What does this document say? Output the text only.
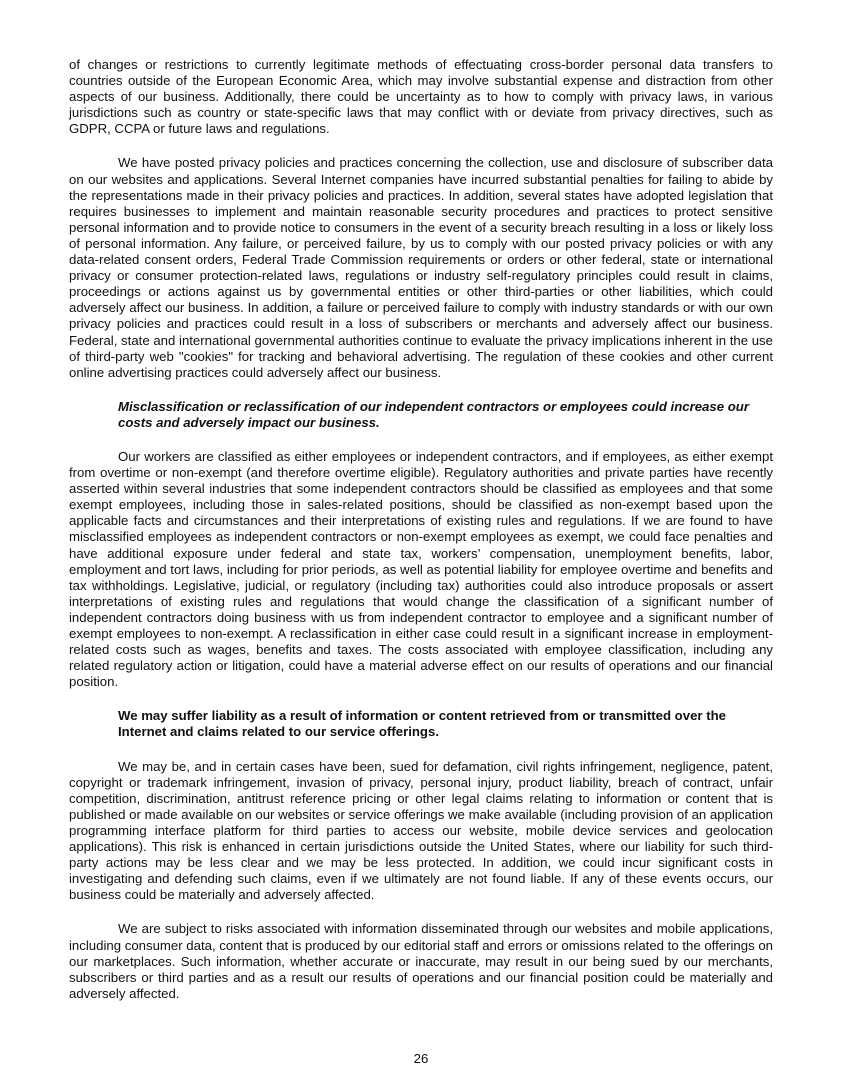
of changes or restrictions to currently legitimate methods of effectuating cross-border personal data transfers to countries outside of the European Economic Area, which may involve substantial expense and distraction from other aspects of our business. Additionally, there could be uncertainty as to how to comply with privacy laws, in various jurisdictions such as country or state-specific laws that may conflict with or deviate from privacy directives, such as GDPR, CCPA or future laws and regulations.

We have posted privacy policies and practices concerning the collection, use and disclosure of subscriber data on our websites and applications. Several Internet companies have incurred substantial penalties for failing to abide by the representations made in their privacy policies and practices. In addition, several states have adopted legislation that requires businesses to implement and maintain reasonable security procedures and practices to protect sensitive personal information and to provide notice to consumers in the event of a security breach resulting in a loss or likely loss of personal information. Any failure, or perceived failure, by us to comply with our posted privacy policies or with any data-related consent orders, Federal Trade Commission requirements or orders or other federal, state or international privacy or consumer protection-related laws, regulations or industry self-regulatory principles could result in claims, proceedings or actions against us by governmental entities or other third-parties or other liabilities, which could adversely affect our business. In addition, a failure or perceived failure to comply with industry standards or with our own privacy policies and practices could result in a loss of subscribers or merchants and adversely affect our business. Federal, state and international governmental authorities continue to evaluate the privacy implications inherent in the use of third-party web "cookies" for tracking and behavioral advertising. The regulation of these cookies and other current online advertising practices could adversely affect our business.

Misclassification or reclassification of our independent contractors or employees could increase our costs and adversely impact our business.

Our workers are classified as either employees or independent contractors, and if employees, as either exempt from overtime or non-exempt (and therefore overtime eligible). Regulatory authorities and private parties have recently asserted within several industries that some independent contractors should be classified as employees and that some exempt employees, including those in sales-related positions, should be classified as non-exempt based upon the applicable facts and circumstances and their interpretations of existing rules and regulations. If we are found to have misclassified employees as independent contractors or non-exempt employees as exempt, we could face penalties and have additional exposure under federal and state tax, workers’ compensation, unemployment benefits, labor, employment and tort laws, including for prior periods, as well as potential liability for employee overtime and benefits and tax withholdings. Legislative, judicial, or regulatory (including tax) authorities could also introduce proposals or assert interpretations of existing rules and regulations that would change the classification of a significant number of independent contractors doing business with us from independent contractor to employee and a significant number of exempt employees to non-exempt. A reclassification in either case could result in a significant increase in employment-related costs such as wages, benefits and taxes. The costs associated with employee classification, including any related regulatory action or litigation, could have a material adverse effect on our results of operations and our financial position.

We may suffer liability as a result of information or content retrieved from or transmitted over the Internet and claims related to our service offerings.

We may be, and in certain cases have been, sued for defamation, civil rights infringement, negligence, patent, copyright or trademark infringement, invasion of privacy, personal injury, product liability, breach of contract, unfair competition, discrimination, antitrust reference pricing or other legal claims relating to information or content that is published or made available on our websites or service offerings we make available (including provision of an application programming interface platform for third parties to access our website, mobile device services and geolocation applications). This risk is enhanced in certain jurisdictions outside the United States, where our liability for such third-party actions may be less clear and we may be less protected. In addition, we could incur significant costs in investigating and defending such claims, even if we ultimately are not found liable. If any of these events occurs, our business could be materially and adversely affected.

We are subject to risks associated with information disseminated through our websites and mobile applications, including consumer data, content that is produced by our editorial staff and errors or omissions related to the offerings on our marketplaces. Such information, whether accurate or inaccurate, may result in our being sued by our merchants, subscribers or third parties and as a result our results of operations and our financial position could be materially and adversely affected.

26
